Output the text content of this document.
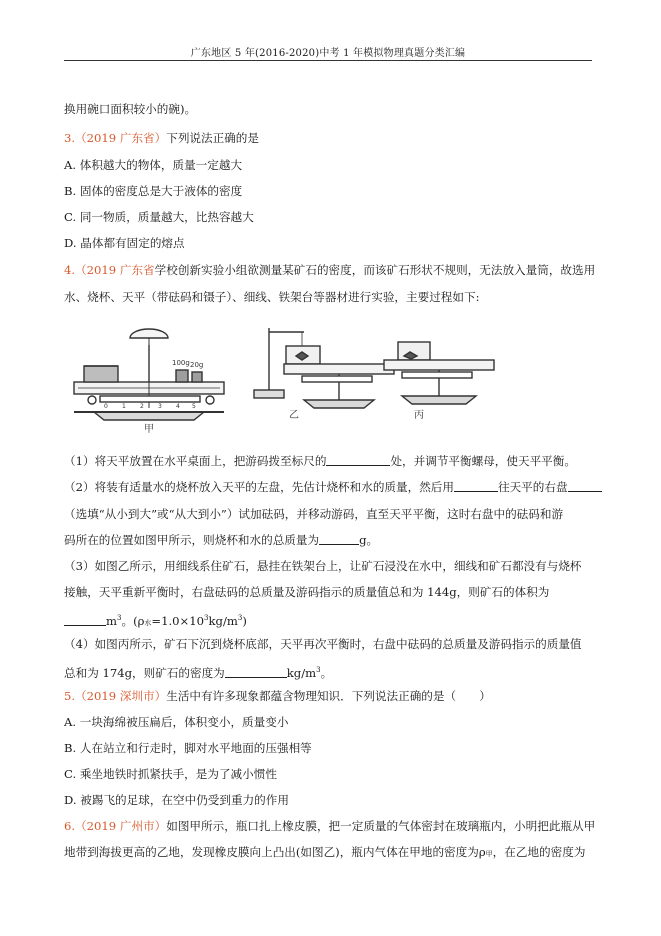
广东地区 5 年(2016-2020)中考 1 年模拟物理真题分类汇编
换用碗口面积较小的碗)。
3.（2019 广东省）下列说法正确的是
A. 体积越大的物体，质量一定越大
B. 固体的密度总是大于液体的密度
C. 同一物质，质量越大，比热容越大
D. 晶体都有固定的熔点
4.（2019 广东省学校创新实验小组欲测量某矿石的密度，而该矿石形状不规则，无法放入量筒，故选用
水、烧杯、天平（带砝码和镊子）、细线、铁架台等器材进行实验，主要过程如下:
100g 20g
0 1 2 3 4 5
甲
乙	丙
（1）将天平放置在水平桌面上，把游码拨至标尺的	处，并调节平衡螺母，使天平平衡。
（2）将装有适量水的烧杯放入天平的左盘，先估计烧杯和水的质量，然后用	往天平的右盘
（选填“从小到大”或“从大到小”）试加砝码，并移动游码，直至天平平衡，这时右盘中的砝码和游
码所在的位置如图甲所示，则烧杯和水的总质量为	g。
（3）如图乙所示，用细线系住矿石，悬挂在铁架台上，让矿石浸没在水中，细线和矿石都没有与烧杯
接触，天平重新平衡时，右盘砝码的总质量及游码指示的质量值总和为 144g，则矿石的体积为
$m^3$。(ρ水$=1.0\times 10^3kg/m^3$)
（4）如图丙所示，矿石下沉到烧杯底部，天平再次平衡时，右盘中砝码的总质量及游码指示的质量值
总和为 174g，则矿石的密度为	$kg/m^3$。
5.（2019 深圳市）生活中有许多现象都蕴含物理知识．下列说法正确的是（　　）
A. 一块海绵被压扁后，体积变小，质量变小
B. 人在站立和行走时，脚对水平地面的压强相等
C. 乘坐地铁时抓紧扶手，是为了减小惯性
D. 被踢飞的足球，在空中仍受到重力的作用
6.（2019 广州市）如图甲所示，瓶口扎上橡皮膜，把一定质量的气体密封在玻璃瓶内，小明把此瓶从甲
地带到海拔更高的乙地，发现橡皮膜向上凸出(如图乙)，瓶内气体在甲地的密度为ρ甲，在乙地的密度为
